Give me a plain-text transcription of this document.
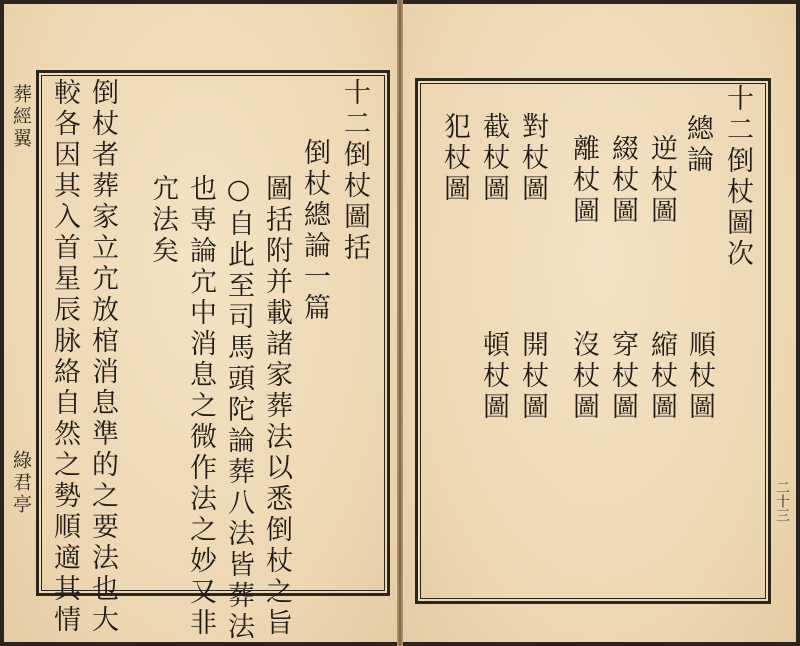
葬經翼
綠君亭
十二倒杖圖括
倒杖總論一篇
圖括附并載諸家葬法以悉倒杖之旨
○自此至司馬頭陀論葬八法皆葬法
也専論宂中消息之微作法之妙又非
宂法矣
倒杖者葬家立宂放棺消息準的之要法也大
較各因其入首星辰脉絡自然之勢順適其情	十二倒杖圖次
總論
逆杖圖
綴杖圖
離杖圖
對杖圖
截杖圖
犯杖圖
順杖圖
縮杖圖
穿杖圖
沒杖圖
開杖圖
頓杖圖
二十三
